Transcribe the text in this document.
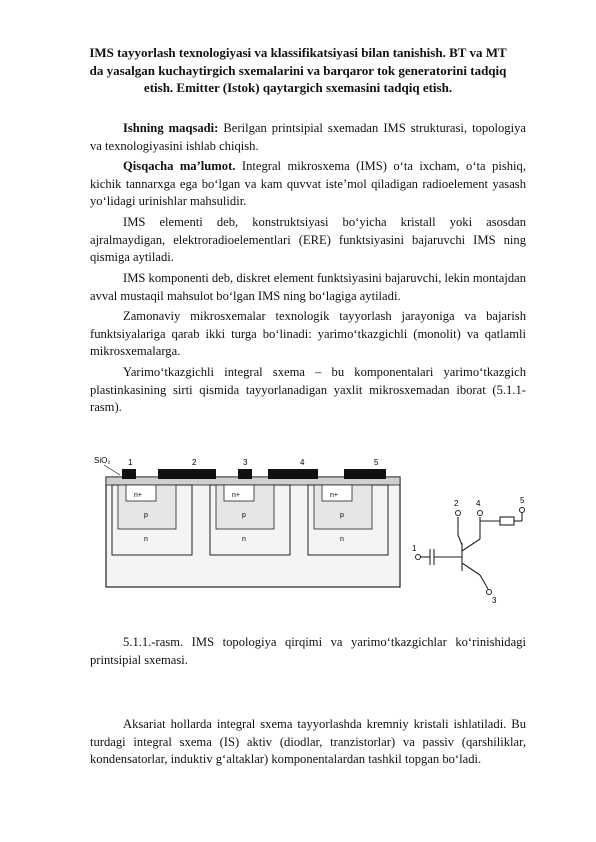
IMS tayyorlash texnologiyasi va klassifikatsiyasi bilan tanishish. BT va MT da yasalgan kuchaytirgich sxemalarini va barqaror tok generatorini tadqiq etish. Emitter (Istok) qaytargich sxemasini tadqiq etish.
Ishning maqsadi: Berilgan printsipial sxemadan IMS strukturasi, topologiya va texnologiyasini ishlab chiqish.
Qisqacha ma’lumot. Integral mikrosxema (IMS) o‘ta ixcham, o‘ta pishiq, kichik tannarxga ega bo‘lgan va kam quvvat iste’mol qiladigan radioelement yasash yo‘lidagi urinishlar mahsulidir.
IMS elementi deb, konstruktsiyasi bo‘yicha kristall yoki asosdan ajralmaydigan, elektroradioelementlari (ERE) funktsiyasini bajaruvchi IMS ning qismiga aytiladi.
IMS komponenti deb, diskret element funktsiyasini bajaruvchi, lekin montajdan avval mustaqil mahsulot bo‘lgan IMS ning bo‘lagiga aytiladi.
Zamonaviy mikrosxemalar texnologik tayyorlash jarayoniga va bajarish funktsiyalariga qarab ikki turga bo‘linadi: yarimo‘tkazgichli (monolit) va qatlamli mikrosxemalarga.
Yarimo‘tkazgichli integral sxema – bu komponentalari yarimo‘tkazgich plastinkasining sirti qismida tayyorlanadigan yaxlit mikrosxemadan iborat (5.1.1-rasm).
SiO₂ 1	2	3	4	5
n+	n+	n+
p	p	p
n	n	n
1
2
3
4	5
5.1.1.-rasm. IMS topologiya qirqimi va yarimo‘tkazgichlar ko‘rinishidagi printsipial sxemasi.
Aksariat hollarda integral sxema tayyorlashda kremniy kristali ishlatiladi. Bu turdagi integral sxema (IS) aktiv (diodlar, tranzistorlar) va passiv (qarshiliklar, kondensatorlar, induktiv g‘altaklar) komponentalardan tashkil topgan bo‘ladi.
